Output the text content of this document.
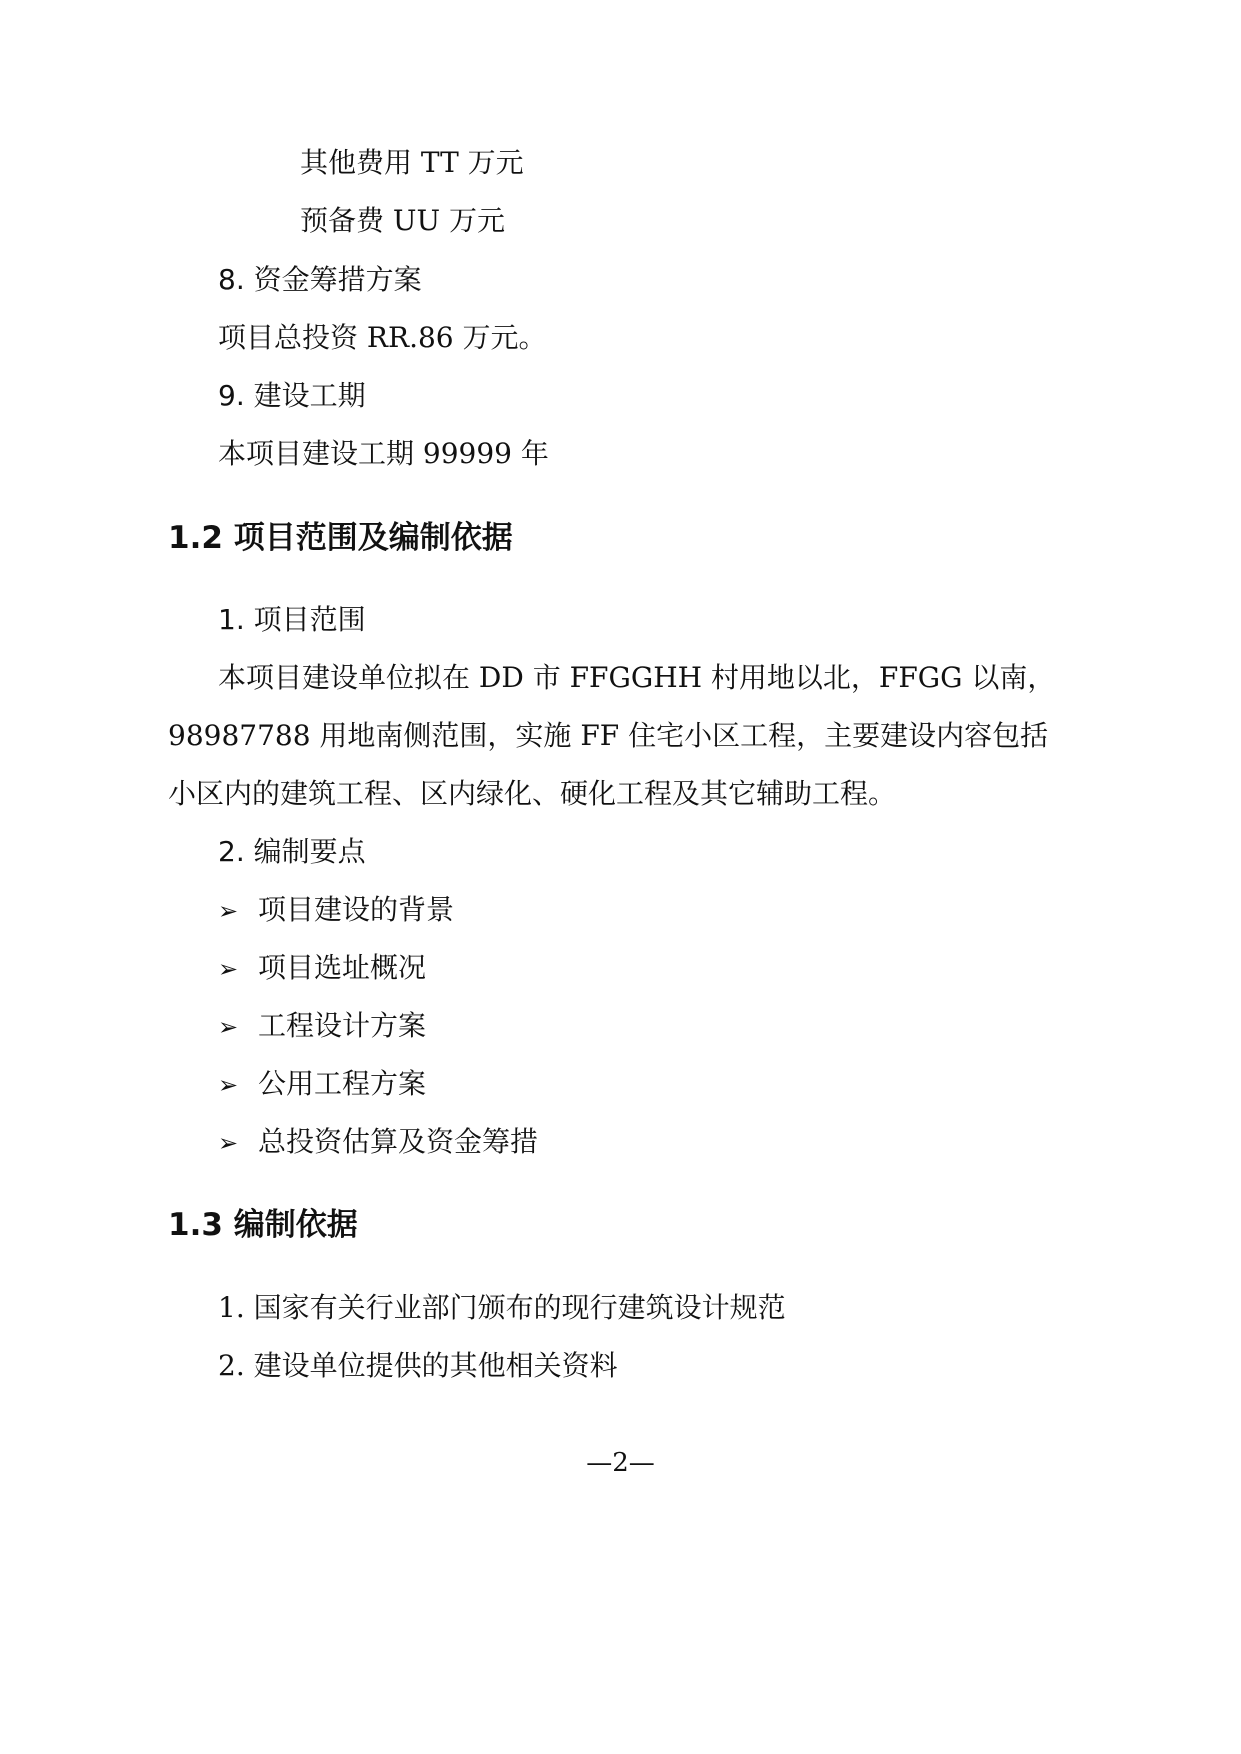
其他费用 TT 万元
预备费 UU 万元
8. 资金筹措方案
项目总投资 RR.86 万元。
9. 建设工期
本项目建设工期 99999 年
1.2 项目范围及编制依据
1. 项目范围
本项目建设单位拟在 DD 市 FFGGHH 村用地以北，FFGG 以南，
98987788 用地南侧范围，实施 FF 住宅小区工程，主要建设内容包括
小区内的建筑工程、区内绿化、硬化工程及其它辅助工程。
2. 编制要点
➢ 项目建设的背景
➢ 项目选址概况
➢ 工程设计方案
➢ 公用工程方案
➢ 总投资估算及资金筹措
1.3 编制依据
1. 国家有关行业部门颁布的现行建筑设计规范
2. 建设单位提供的其他相关资料
—2—
